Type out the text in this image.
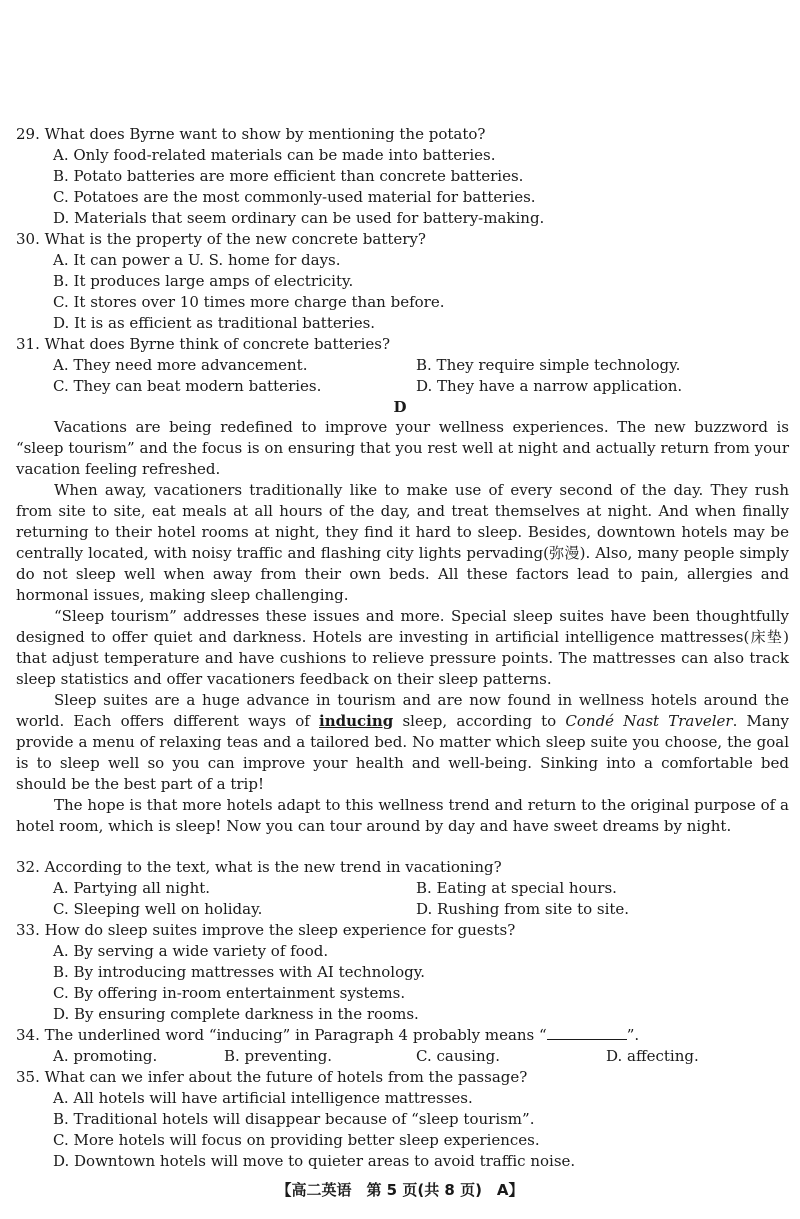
29. What does Byrne want to show by mentioning the potato?
A. Only food-related materials can be made into batteries.
B. Potato batteries are more efficient than concrete batteries.
C. Potatoes are the most commonly-used material for batteries.
D. Materials that seem ordinary can be used for battery-making.
30. What is the property of the new concrete battery?
A. It can power a U. S. home for days.
B. It produces large amps of electricity.
C. It stores over 10 times more charge than before.
D. It is as efficient as traditional batteries.
31. What does Byrne think of concrete batteries?
A. They need more advancement.	B. They require simple technology.
C. They can beat modern batteries.	D. They have a narrow application.
D
Vacations are being redefined to improve your wellness experiences. The new buzzword is “sleep tourism” and the focus is on ensuring that you rest well at night and actually return from your vacation feeling refreshed.
When away, vacationers traditionally like to make use of every second of the day. They rush from site to site, eat meals at all hours of the day, and treat themselves at night. And when finally returning to their hotel rooms at night, they find it hard to sleep. Besides, downtown hotels may be centrally located, with noisy traffic and flashing city lights pervading(弥漫). Also, many people simply do not sleep well when away from their own beds. All these factors lead to pain, allergies and hormonal issues, making sleep challenging.
“Sleep tourism” addresses these issues and more. Special sleep suites have been thoughtfully designed to offer quiet and darkness. Hotels are investing in artificial intelligence mattresses(床垫) that adjust temperature and have cushions to relieve pressure points. The mattresses can also track sleep statistics and offer vacationers feedback on their sleep patterns.
Sleep suites are a huge advance in tourism and are now found in wellness hotels around the world. Each offers different ways of inducing sleep, according to Condé Nast Traveler. Many provide a menu of relaxing teas and a tailored bed. No matter which sleep suite you choose, the goal is to sleep well so you can improve your health and well-being. Sinking into a comfortable bed should be the best part of a trip!
The hope is that more hotels adapt to this wellness trend and return to the original purpose of a hotel room, which is sleep! Now you can tour around by day and have sweet dreams by night.
32. According to the text, what is the new trend in vacationing?
A. Partying all night.	B. Eating at special hours.
C. Sleeping well on holiday.	D. Rushing from site to site.
33. How do sleep suites improve the sleep experience for guests?
A. By serving a wide variety of food.
B. By introducing mattresses with AI technology.
C. By offering in-room entertainment systems.
D. By ensuring complete darkness in the rooms.
34. The underlined word “inducing” in Paragraph 4 probably means “	”.
A. promoting.	B. preventing.	C. causing.	D. affecting.
35. What can we infer about the future of hotels from the passage?
A. All hotels will have artificial intelligence mattresses.
B. Traditional hotels will disappear because of “sleep tourism”.
C. More hotels will focus on providing better sleep experiences.
D. Downtown hotels will move to quieter areas to avoid traffic noise.
【高二英语　第 5 页(共 8 页)　A】
